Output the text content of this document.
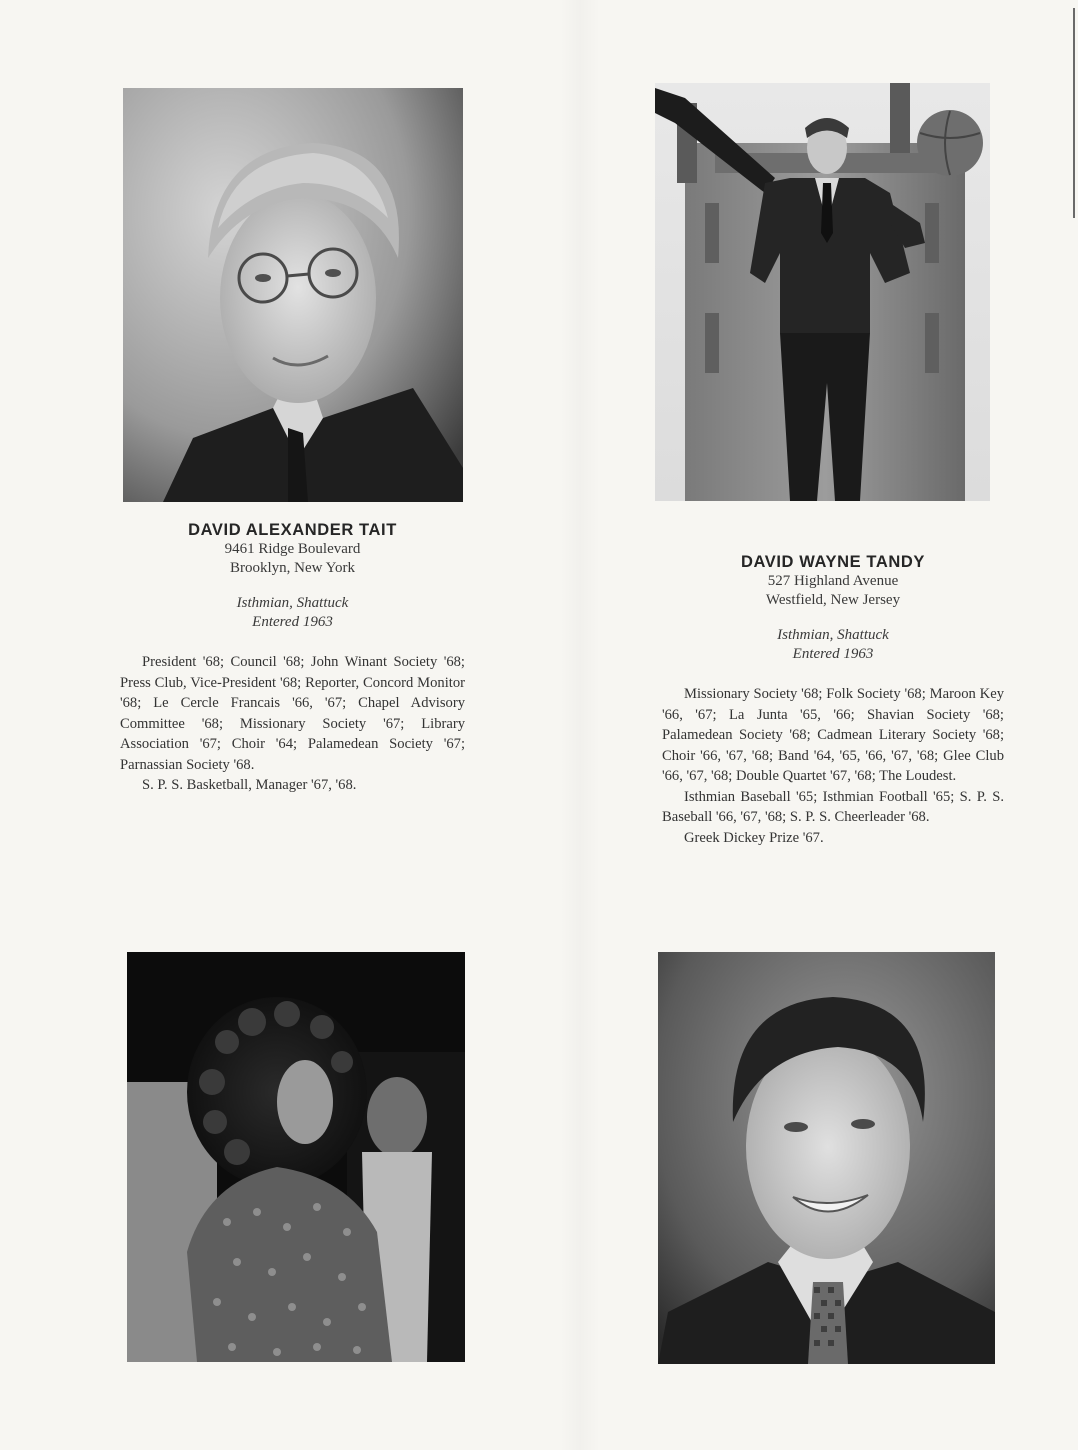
DAVID ALEXANDER TAIT
9461 Ridge Boulevard
Brooklyn, New York
Isthmian, Shattuck
Entered 1963

President '68; Council '68; John Winant Society '68; Press Club, Vice-President '68; Reporter, Concord Monitor '68; Le Cercle Francais '66, '67; Chapel Advisory Committee '68; Missionary Society '67; Library Association '67; Choir '64; Palamedean Society '67; Parnassian Society '68.

S. P. S. Basketball, Manager '67, '68.

DAVID WAYNE TANDY
527 Highland Avenue
Westfield, New Jersey
Isthmian, Shattuck
Entered 1963

Missionary Society '68; Folk Society '68; Maroon Key '66, '67; La Junta '65, '66; Shavian Society '68; Palamedean Society '68; Cadmean Literary Society '68; Choir '66, '67, '68; Band '64, '65, '66, '67, '68; Glee Club '66, '67, '68; Double Quartet '67, '68; The Loudest.

Isthmian Baseball '65; Isthmian Football '65; S. P. S. Baseball '66, '67, '68; S. P. S. Cheerleader '68.

Greek Dickey Prize '67.
